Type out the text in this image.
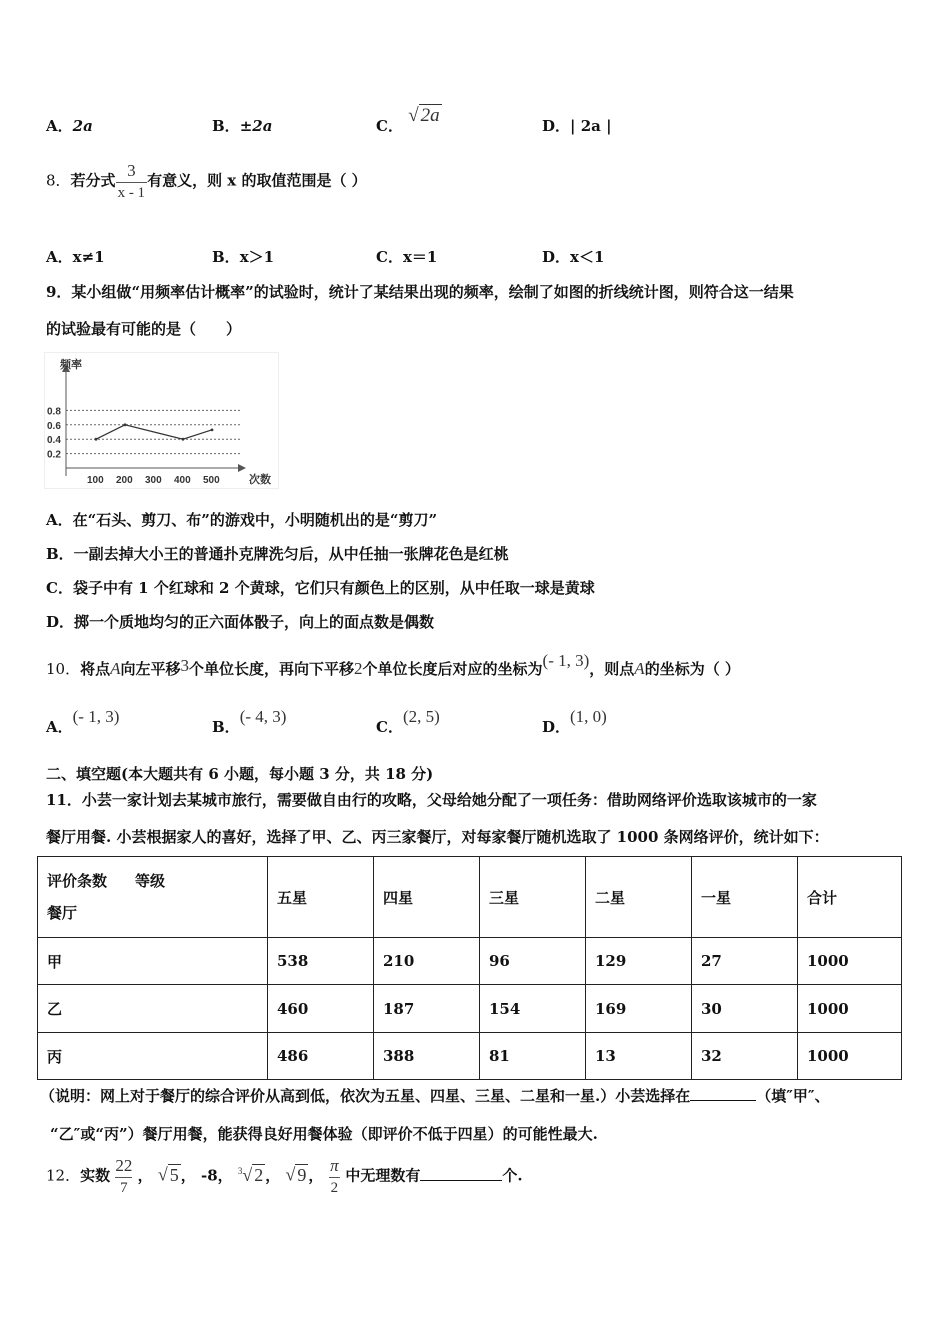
A．2a	B．±2a	C． √ 2a	D．| 2a |
8．若分式 $\frac{3}{x - 1}$ 有意义，则 x 的取值范围是（ ）
A．x≠1	B．x＞1	C．x＝1	D．x＜1
9．某小组做“用频率估计概率”的试验时，统计了某结果出现的频率，绘制了如图的折线统计图，则符合这一结果
的试验最有可能的是（　　）
频率
次数
0.2
0.4
0.6
0.8
100 200 300 400 500
A．在“石头、剪刀、布”的游戏中，小明随机出的是“剪刀”
B．一副去掉大小王的普通扑克牌洗匀后，从中任抽一张牌花色是红桃
C．袋子中有 1 个红球和 2 个黄球，它们只有颜色上的区别，从中任取一球是黄球
D．掷一个质地均匀的正六面体骰子，向上的面点数是偶数
10．将点A向左平移3个单位长度，再向下平移2个单位长度后对应的坐标为(- 1, 3)，则点A的坐标为（ ）
A．(- 1, 3)
B．(- 4, 3)
C．(2, 5)
D．(1, 0)
二、填空题(本大题共有 6 小题，每小题 3 分，共 18 分)
11．小芸一家计划去某城市旅行，需要做自由行的攻略，父母给她分配了一项任务：借助网络评价选取该城市的一家
餐厅用餐. 小芸根据家人的喜好，选择了甲、乙、丙三家餐厅，对每家餐厅随机选取了 1000 条网络评价，统计如下：
评价条数 等级
餐厅	五星	四星	三星	二星	一星	合计
甲	538	210	96	129	27	1000
乙	460	187	154	169	30	1000
丙	486	388	81	13	32	1000
（说明：网上对于餐厅的综合评价从高到低，依次为五星、四星、三星、二星和一星.）小芸选择在	（填″甲″、
“乙″或“丙”）餐厅用餐，能获得良好用餐体验（即评价不低于四星）的可能性最大.
12．实数 $\frac{22}{7}$ ， √ 5 ， -8， $^3$√ 2 ， √ 9 ， $\frac{\pi}{2}$ 中无理数有	个.
